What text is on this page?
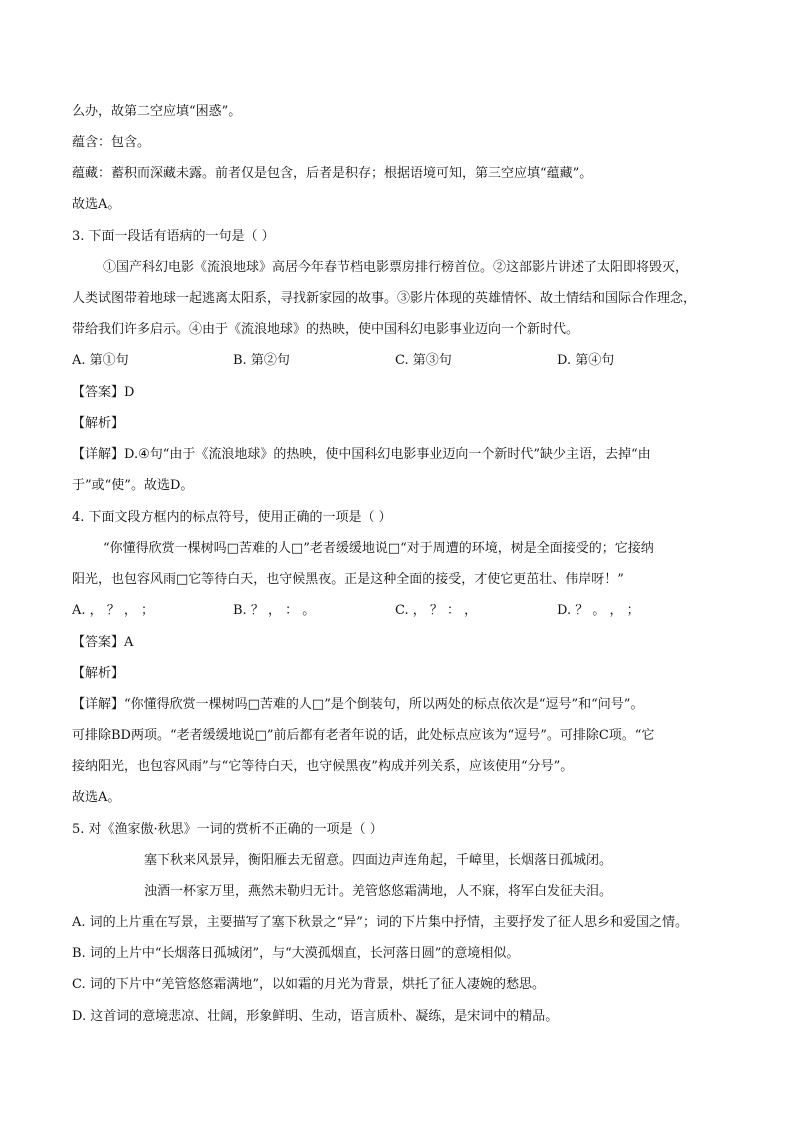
么办，故第二空应填“困惑”。
蕴含：包含。
蕴藏：蓄积而深藏未露。前者仅是包含，后者是积存；根据语境可知，第三空应填“蕴藏”。
故选A。
3. 下面一段话有语病的一句是（ ）
①国产科幻电影《流浪地球》高居今年春节档电影票房排行榜首位。②这部影片讲述了太阳即将毁灭，
人类试图带着地球一起逃离太阳系，寻找新家园的故事。③影片体现的英雄情怀、故土情结和国际合作理念，
带给我们许多启示。④由于《流浪地球》的热映，使中国科幻电影事业迈向一个新时代。
A. 第①句	B. 第②句	C. 第③句	D. 第④句
【答案】D
【解析】
【详解】D.④句“由于《流浪地球》的热映，使中国科幻电影事业迈向一个新时代”缺少主语，去掉“由
于”或“使”。故选D。
4. 下面文段方框内的标点符号，使用正确的一项是（ ）
“你懂得欣赏一棵树吗□苦难的人□”老者缓缓地说□“对于周遭的环境，树是全面接受的；它接纳
阳光，也包容风雨□它等待白天，也守候黑夜。正是这种全面的接受，才使它更茁壮、伟岸呀！”
A. ， ？ ， ；	B. ？ ， ： 。	C. ， ？ ： ，	D. ？ 。 ， ；
【答案】A
【解析】
【详解】“你懂得欣赏一棵树吗□苦难的人□”是个倒装句，所以两处的标点依次是“逗号”和“问号”。
可排除BD两项。“老者缓缓地说□”前后都有老者年说的话，此处标点应该为“逗号”。可排除C项。“它
接纳阳光，也包容风雨”与“它等待白天，也守候黑夜”构成并列关系，应该使用“分号”。
故选A。
5. 对《渔家傲·秋思》一词的赏析不正确的一项是（ ）
塞下秋来风景异，衡阳雁去无留意。四面边声连角起，千嶂里，长烟落日孤城闭。
浊酒一杯家万里，燕然未勒归无计。羌管悠悠霜满地，人不寐，将军白发征夫泪。
A. 词的上片重在写景，主要描写了塞下秋景之“异”；词的下片集中抒情，主要抒发了征人思乡和爱国之情。
B. 词的上片中“长烟落日孤城闭”，与“大漠孤烟直，长河落日圆”的意境相似。
C. 词的下片中“羌管悠悠霜满地”，以如霜的月光为背景，烘托了征人凄婉的愁思。
D. 这首词的意境悲凉、壮阔，形象鲜明、生动，语言质朴、凝练，是宋词中的精品。
